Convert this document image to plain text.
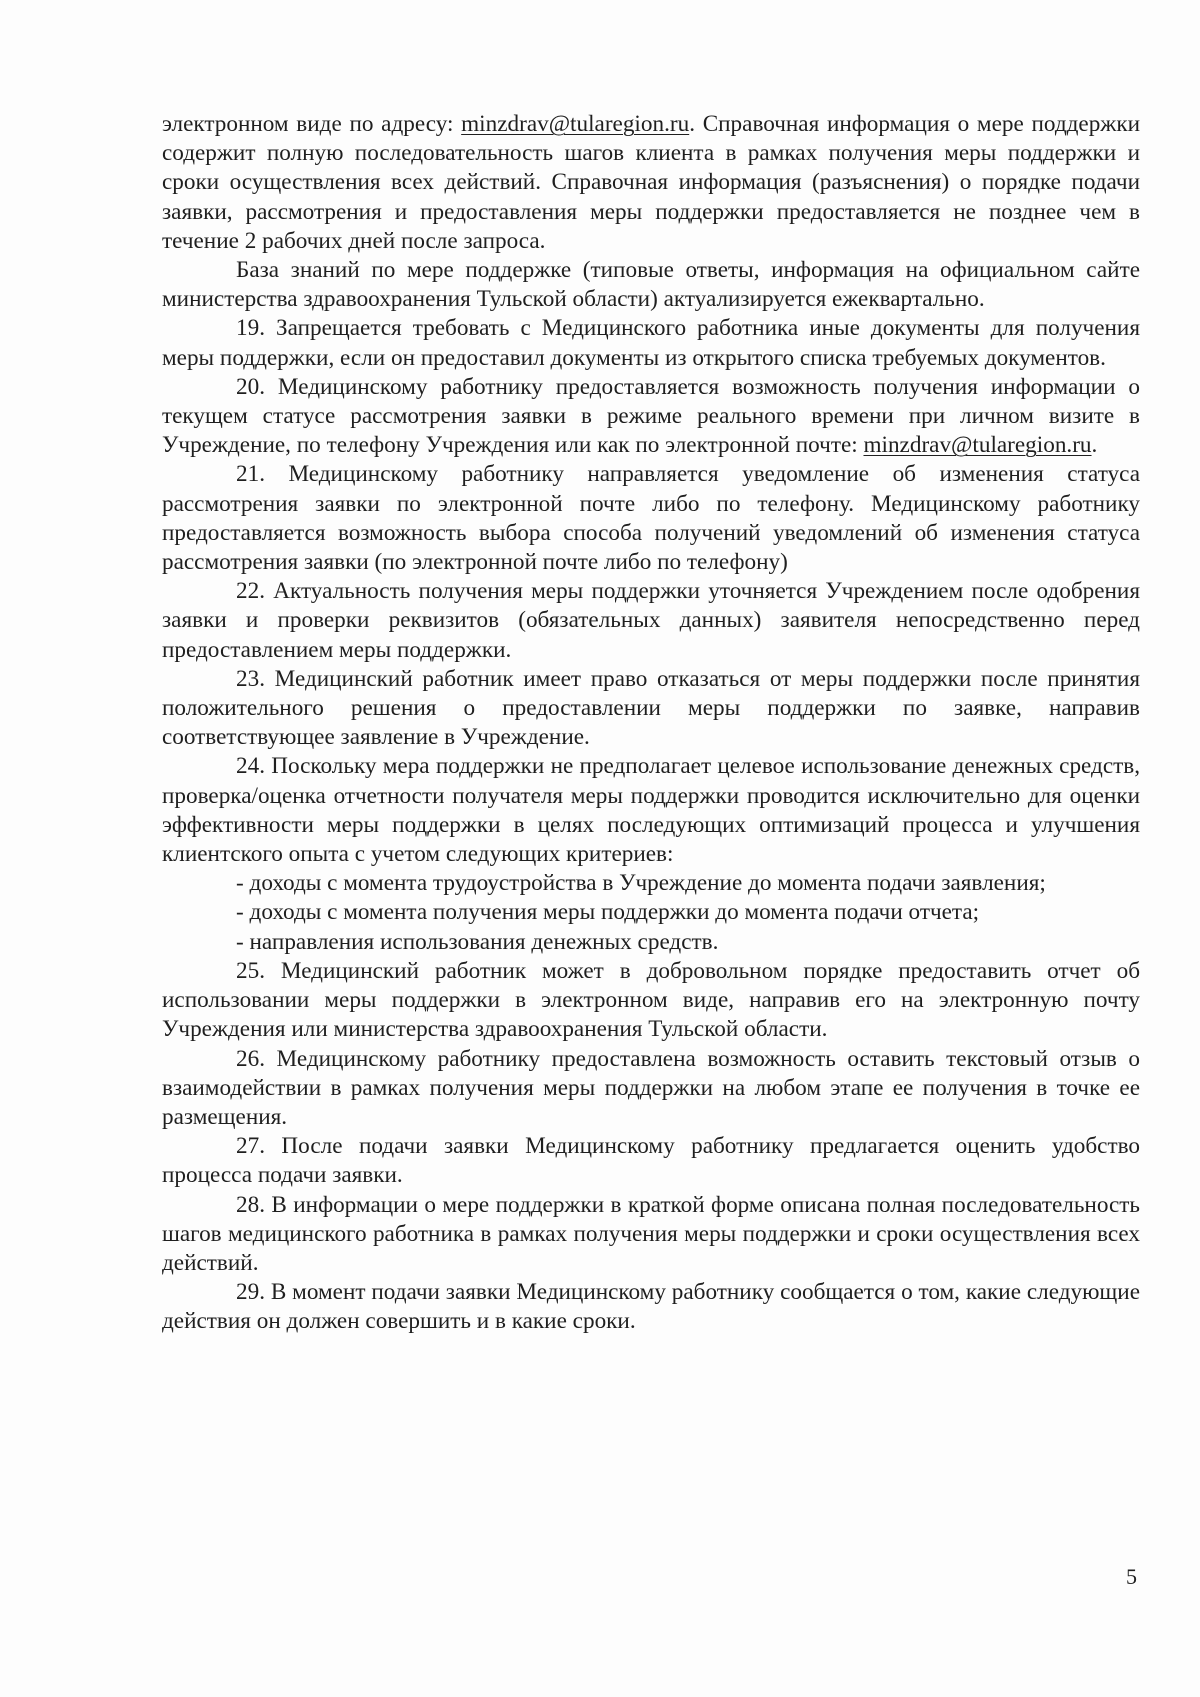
электронном виде по адресу: minzdrav@tularegion.ru. Справочная информация о мере поддержки содержит полную последовательность шагов клиента в рамках получения меры поддержки и сроки осуществления всех действий. Справочная информация (разъяснения) о порядке подачи заявки, рассмотрения и предоставления меры поддержки предоставляется не позднее чем в течение 2 рабочих дней после запроса.

База знаний по мере поддержке (типовые ответы, информация на официальном сайте министерства здравоохранения Тульской области) актуализируется ежеквартально.

19. Запрещается требовать с Медицинского работника иные документы для получения меры поддержки, если он предоставил документы из открытого списка требуемых документов.

20. Медицинскому работнику предоставляется возможность получения информации о текущем статусе рассмотрения заявки в режиме реального времени при личном визите в Учреждение, по телефону Учреждения или как по электронной почте: minzdrav@tularegion.ru.

21. Медицинскому работнику направляется уведомление об изменения статуса рассмотрения заявки по электронной почте либо по телефону. Медицинскому работнику предоставляется возможность выбора способа получений уведомлений об изменения статуса рассмотрения заявки (по электронной почте либо по телефону)

22. Актуальность получения меры поддержки уточняется Учреждением после одобрения заявки и проверки реквизитов (обязательных данных) заявителя непосредственно перед предоставлением меры поддержки.

23. Медицинский работник имеет право отказаться от меры поддержки после принятия положительного решения о предоставлении меры поддержки по заявке, направив соответствующее заявление в Учреждение.

24. Поскольку мера поддержки не предполагает целевое использование денежных средств, проверка/оценка отчетности получателя меры поддержки проводится исключительно для оценки эффективности меры поддержки в целях последующих оптимизаций процесса и улучшения клиентского опыта с учетом следующих критериев:

- доходы с момента трудоустройства в Учреждение до момента подачи заявления;

- доходы с момента получения меры поддержки до момента подачи отчета;

- направления использования денежных средств.

25. Медицинский работник может в добровольном порядке предоставить отчет об использовании меры поддержки в электронном виде, направив его на электронную почту Учреждения или министерства здравоохранения Тульской области.

26. Медицинскому работнику предоставлена возможность оставить текстовый отзыв о взаимодействии в рамках получения меры поддержки на любом этапе ее получения в точке ее размещения.

27. После подачи заявки Медицинскому работнику предлагается оценить удобство процесса подачи заявки.

28. В информации о мере поддержки в краткой форме описана полная последовательность шагов медицинского работника в рамках получения меры поддержки и сроки осуществления всех действий.

29. В момент подачи заявки Медицинскому работнику сообщается о том, какие следующие действия он должен совершить и в какие сроки.

5
